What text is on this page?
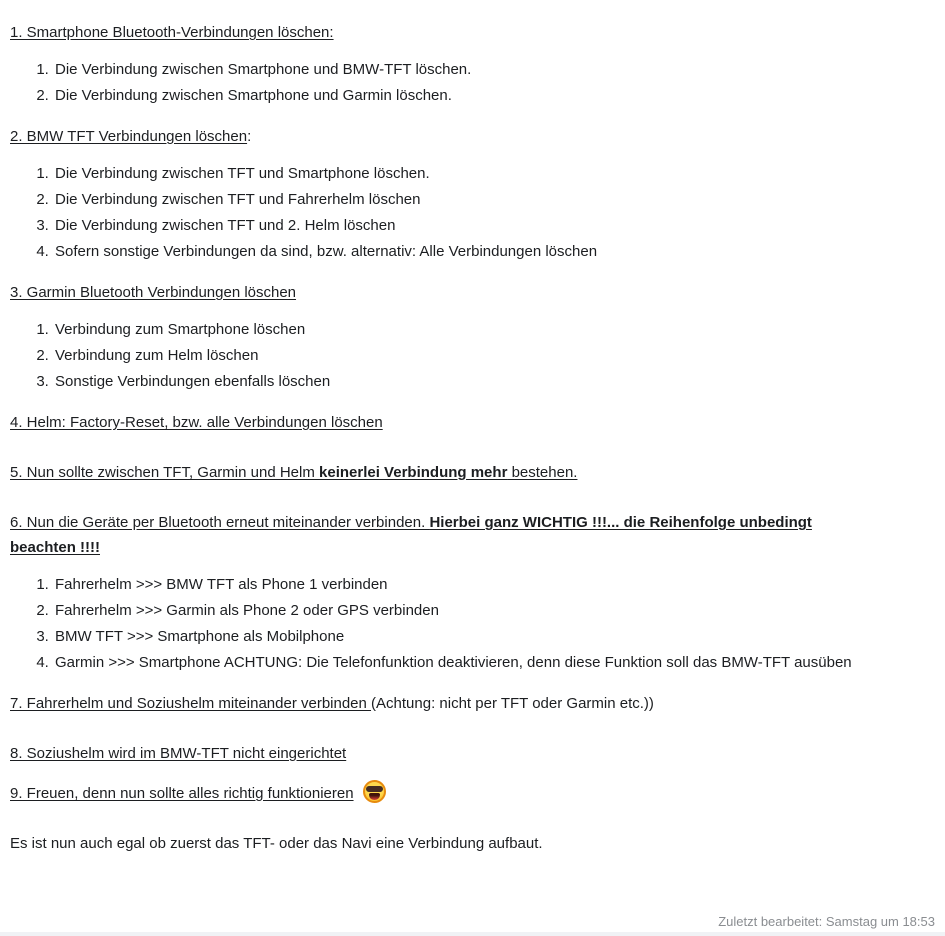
1. Smartphone Bluetooth-Verbindungen löschen:

1. Die Verbindung zwischen Smartphone und BMW-TFT löschen.
2. Die Verbindung zwischen Smartphone und Garmin löschen.

2. BMW TFT Verbindungen löschen:

1. Die Verbindung zwischen TFT und Smartphone löschen.
2. Die Verbindung zwischen TFT und Fahrerhelm löschen
3. Die Verbindung zwischen TFT und 2. Helm löschen
4. Sofern sonstige Verbindungen da sind, bzw. alternativ: Alle Verbindungen löschen

3. Garmin Bluetooth Verbindungen löschen

1. Verbindung zum Smartphone löschen
2. Verbindung zum Helm löschen
3. Sonstige Verbindungen ebenfalls löschen

4. Helm: Factory-Reset, bzw. alle Verbindungen löschen

5. Nun sollte zwischen TFT, Garmin und Helm keinerlei Verbindung mehr bestehen.

6. Nun die Geräte per Bluetooth erneut miteinander verbinden. Hierbei ganz WICHTIG !!!... die Reihenfolge unbedingt beachten !!!!

1. Fahrerhelm >>> BMW TFT als Phone 1 verbinden
2. Fahrerhelm >>> Garmin als Phone 2 oder GPS verbinden
3. BMW TFT >>> Smartphone als Mobilphone
4. Garmin >>> Smartphone ACHTUNG: Die Telefonfunktion deaktivieren, denn diese Funktion soll das BMW-TFT ausüben

7. Fahrerhelm und Soziushelm miteinander verbinden (Achtung: nicht per TFT oder Garmin etc.))

8. Soziushelm wird im BMW-TFT nicht eingerichtet

9. Freuen, denn nun sollte alles richtig funktionieren

Es ist nun auch egal ob zuerst das TFT- oder das Navi eine Verbindung aufbaut.

Zuletzt bearbeitet: Samstag um 18:53
